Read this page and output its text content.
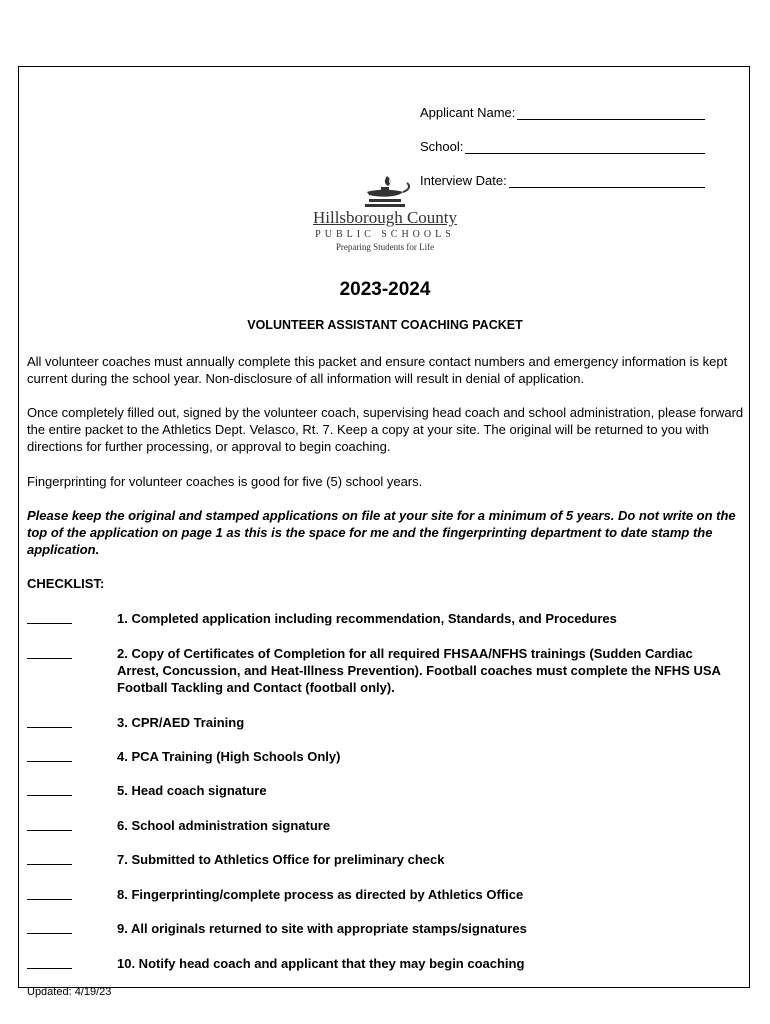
Applicant Name:
School:
Interview Date:
Hillsborough County
PUBLIC SCHOOLS
Preparing Students for Life
2023-2024
VOLUNTEER ASSISTANT COACHING PACKET
All volunteer coaches must annually complete this packet and ensure contact numbers and emergency information is kept current during the school year. Non-disclosure of all information will result in denial of application.
Once completely filled out, signed by the volunteer coach, supervising head coach and school administration, please forward the entire packet to the Athletics Dept. Velasco, Rt. 7. Keep a copy at your site. The original will be returned to you with directions for further processing, or approval to begin coaching.
Fingerprinting for volunteer coaches is good for five (5) school years.
Please keep the original and stamped applications on file at your site for a minimum of 5 years. Do not write on the top of the application on page 1 as this is the space for me and the fingerprinting department to date stamp the application.
CHECKLIST:
1. Completed application including recommendation, Standards, and Procedures
2. Copy of Certificates of Completion for all required FHSAA/NFHS trainings (Sudden Cardiac Arrest, Concussion, and Heat-Illness Prevention). Football coaches must complete the NFHS USA Football Tackling and Contact (football only).
3. CPR/AED Training
4. PCA Training (High Schools Only)
5. Head coach signature
6. School administration signature
7. Submitted to Athletics Office for preliminary check
8. Fingerprinting/complete process as directed by Athletics Office
9. All originals returned to site with appropriate stamps/signatures
10. Notify head coach and applicant that they may begin coaching
Updated: 4/19/23
